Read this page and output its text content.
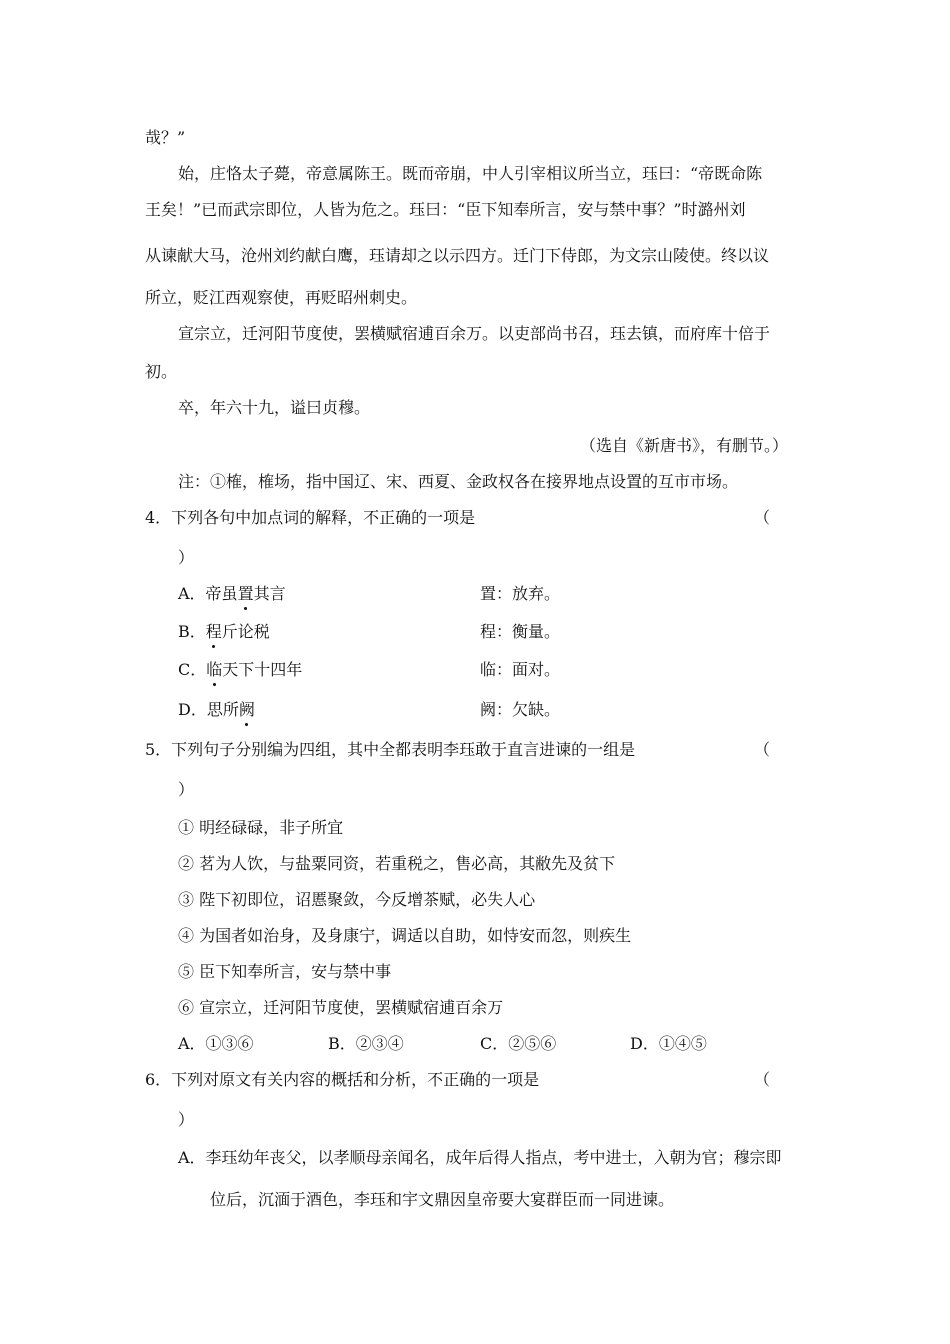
哉？”
始，庄恪太子薨，帝意属陈王。既而帝崩，中人引宰相议所当立，珏曰：“帝既命陈
王矣！”已而武宗即位，人皆为危之。珏曰：“臣下知奉所言，安与禁中事？”时潞州刘
从谏献大马，沧州刘约献白鹰，珏请却之以示四方。迁门下侍郎，为文宗山陵使。终以议
所立，贬江西观察使，再贬昭州刺史。
宣宗立，迁河阳节度使，罢横赋宿逋百余万。以吏部尚书召，珏去镇，而府库十倍于
初。
卒，年六十九，谥曰贞穆。
（选自《新唐书》，有删节。）
注：①榷，榷场，指中国辽、宋、西夏、金政权各在接界地点设置的互市市场。
4．下列各句中加点词的解释，不正确的一项是	（
）
A．帝虽置其言	置：放弃。
B．程斤论税	程：衡量。
C．临天下十四年	临：面对。
D．思所阙	阙：欠缺。
5．下列句子分别编为四组，其中全都表明李珏敢于直言进谏的一组是	（
）
① 明经碌碌，非子所宜
② 茗为人饮，与盐粟同资，若重税之，售必高，其敝先及贫下
③ 陛下初即位，诏慝聚敛，今反增茶赋，必失人心
④ 为国者如治身，及身康宁，调适以自助，如恃安而忽，则疾生
⑤ 臣下知奉所言，安与禁中事
⑥ 宣宗立，迁河阳节度使，罢横赋宿逋百余万
A．①③⑥	B．②③④	C．②⑤⑥	D．①④⑤
6．下列对原文有关内容的概括和分析，不正确的一项是	（
）
A．李珏幼年丧父，以孝顺母亲闻名，成年后得人指点，考中进士，入朝为官；穆宗即
位后，沉湎于酒色，李珏和宇文鼎因皇帝要大宴群臣而一同进谏。
